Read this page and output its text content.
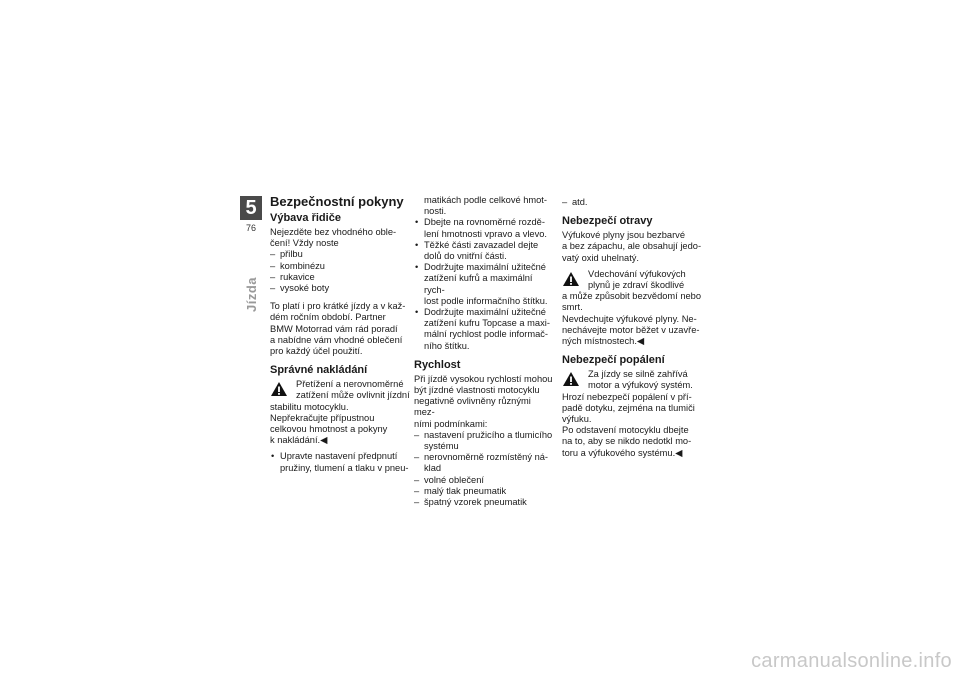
5
76
Jízda
Bezpečnostní pokyny
Výbava řidiče

Nejezděte bez vhodného oble-
čení! Vždy noste

– přilbu
– kombinézu
– rukavice
– vysoké boty

To platí i pro krátké jízdy a v kaž-
dém ročním období. Partner
BMW Motorrad vám rád poradí
a nabídne vám vhodné oblečení
pro každý účel použití.

Správné nakládání

Přetížení a nerovnoměrné
zatížení může ovlivnit jízdní

stabilitu motocyklu.
Nepřekračujte přípustnou
celkovou hmotnost a pokyny
k nakládání.◀

• Upravte nastavení předpnutí
pružiny, tlumení a tlaku v pneu-

matikách podle celkové hmot-
nosti.

• Dbejte na rovnoměrné rozdě-
lení hmotnosti vpravo a vlevo.
• Těžké části zavazadel dejte
dolů do vnitřní části.
• Dodržujte maximální užitečné
zatížení kufrů a maximální rych-
lost podle informačního štítku.
• Dodržujte maximální užitečné
zatížení kufru Topcase a maxi-
mální rychlost podle informač-
ního štítku.
Rychlost

Při jízdě vysokou rychlostí mohou
být jízdné vlastnosti motocyklu
negativně ovlivněny různými mez-
ními podmínkami:

– nastavení pružicího a tlumicího
systému
– nerovnoměrně rozmístěný ná-
klad
– volné oblečení
– malý tlak pneumatik
– špatný vzorek pneumatik
– atd.
Nebezpečí otravy

Výfukové plyny jsou bezbarvé
a bez zápachu, ale obsahují jedo-
vatý oxid uhelnatý.

Vdechování výfukových
plynů je zdraví škodlivé

a může způsobit bezvědomí nebo
smrt.
Nevdechujte výfukové plyny. Ne-
nechávejte motor běžet v uzavře-
ných místnostech.◀

Nebezpečí popálení

Za jízdy se silně zahřívá
motor a výfukový systém.

Hrozí nebezpečí popálení v pří-
padě dotyku, zejména na tlumiči
výfuku.
Po odstavení motocyklu dbejte
na to, aby se nikdo nedotkl mo-
toru a výfukového systému.◀

carmanualsonline.info
